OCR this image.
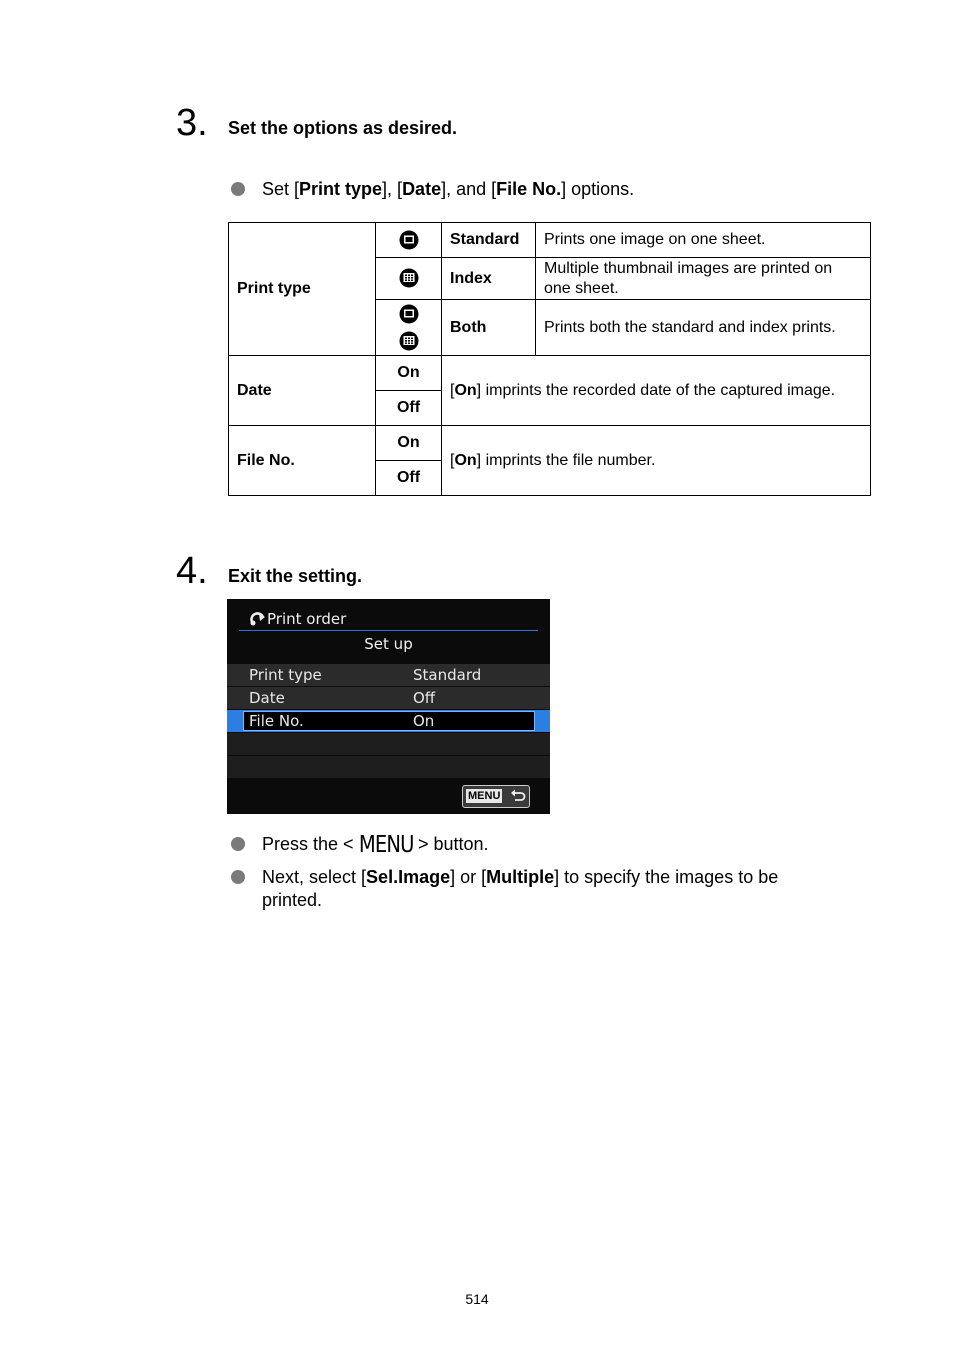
3. Set the options as desired.
Set [Print type], [Date], and [File No.] options.
Print type		Standard	Prints one image on one sheet.
	Index	Multiple thumbnail images are printed on one sheet.

	Both	Prints both the standard and index prints.
Date	On	[On] imprints the recorded date of the captured image.	
	Off		
File No.	On	[On] imprints the file number.	
	Off		
4. Exit the setting.
Print order
Set up
Print type	Standard
Date	Off
File No.	On
MENU
Press the < MENU > button.
Next, select [Sel.Image] or [Multiple] to specify the images to be printed.
514
